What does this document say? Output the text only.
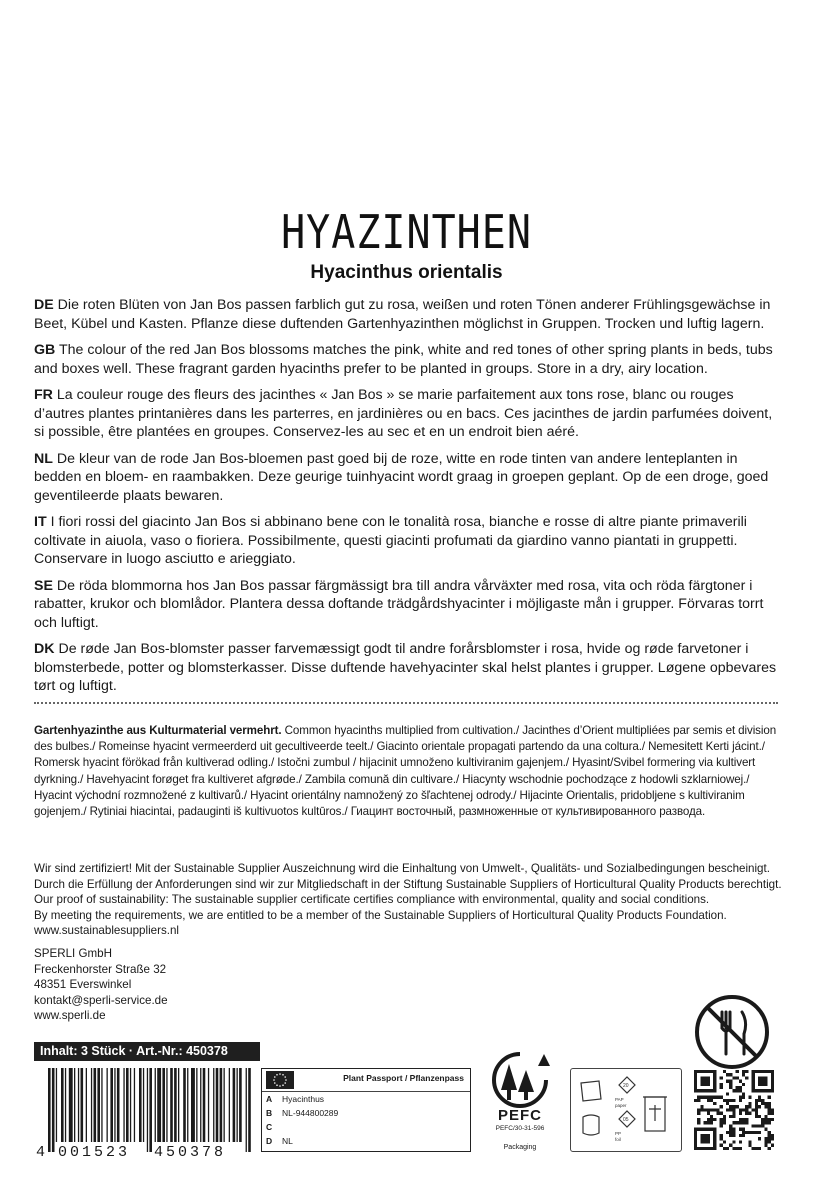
HYAZINTHEN
Hyacinthus orientalis

DE Die roten Blüten von Jan Bos passen farblich gut zu rosa, weißen und roten Tönen anderer Frühlingsgewächse in Beet, Kübel und Kasten. Pflanze diese duftenden Gartenhyazinthen möglichst in Gruppen. Trocken und luftig lagern.

GB The colour of the red Jan Bos blossoms matches the pink, white and red tones of other spring plants in beds, tubs and boxes well. These fragrant garden hyacinths prefer to be planted in groups. Store in a dry, airy location.

FR La couleur rouge des fleurs des jacinthes « Jan Bos » se marie parfaitement aux tons rose, blanc ou rouges d’autres plantes printanières dans les parterres, en jardinières ou en bacs. Ces jacinthes de jardin parfumées doivent, si possible, être plantées en groupes. Conservez-les au sec et en un endroit bien aéré.

NL De kleur van de rode Jan Bos-bloemen past goed bij de roze, witte en rode tinten van andere lenteplanten in bedden en bloem- en raambakken. Deze geurige tuinhyacint wordt graag in groepen geplant. Op de een droge, goed geventileerde plaats bewaren.

IT I fiori rossi del giacinto Jan Bos si abbinano bene con le tonalità rosa, bianche e rosse di altre piante primaverili coltivate in aiuola, vaso o fioriera. Possibilmente, questi giacinti profumati da giardino vanno piantati in gruppetti. Conservare in luogo asciutto e arieggiato.

SE De röda blommorna hos Jan Bos passar färgmässigt bra till andra vårväxter med rosa, vita och röda färgtoner i rabatter, krukor och blomlådor. Plantera dessa doftande trädgårdshyacinter i möjligaste mån i grupper. Förvaras torrt och luftigt.

DK De røde Jan Bos-blomster passer farvemæssigt godt til andre forårsblomster i rosa, hvide og røde farvetoner i blomsterbede, potter og blomsterkasser. Disse duftende havehyacinter skal helst plantes i grupper. Løgene opbevares tørt og luftigt.

Gartenhyazinthe aus Kulturmaterial vermehrt. Common hyacinths multiplied from cultivation./ Jacinthes d’Orient multipliées par semis et division des bulbes./ Romeinse hyacint vermeerderd uit gecultiveerde teelt./ Giacinto orientale propagati partendo da una coltura./ Nemesitett Kerti jácint./ Romersk hyacint förökad från kultiverad odling./ Istočni zumbul / hijacinit umnoženo kultiviranim gajenjem./ Hyasint/Svibel formering via kultivert dyrkning./ Havehyacint forøget fra kultiveret afgrøde./ Zambila comună din cultivare./ Hiacynty wschodnie pochodzące z hodowli szklarniowej./ Hyacint východní rozmnožené z kultivarů./ Hyacint orientálny namnožený zo šľachtenej odrody./ Hijacinte Orientalis, pridobljene s kultiviranim gojenjem./ Rytiniai hiacintai, padauginti iš kultivuotos kultūros./ Гиацинт восточный, размноженные от культивированного развода.
Wir sind zertifiziert! Mit der Sustainable Supplier Auszeichnung wird die Einhaltung von Umwelt-, Qualitäts- und Sozialbedingungen bescheinigt.
Durch die Erfüllung der Anforderungen sind wir zur Mitgliedschaft in der Stiftung Sustainable Suppliers of Horticultural Quality Products berechtigt.
Our proof of sustainability: The sustainable supplier certificate certifies compliance with environmental, quality and social conditions.
By meeting the requirements, we are entitled to be a member of the Sustainable Suppliers of Horticultural Quality Products Foundation.
www.sustainablesuppliers.nl
SPERLI GmbH
Freckenhorster Straße 32
48351 Everswinkel
kontakt@sperli-service.de
www.sperli.de
Inhalt: 3 Stück · Art.-Nr.: 450378
4 001523 450378
Plant Passport / Pflanzenpass
A Hyacinthus
B NL-944800289
C
D NL
PEFC
PEFC/30-31-596
Packaging
20
PAP
paper
05
PP
foil
